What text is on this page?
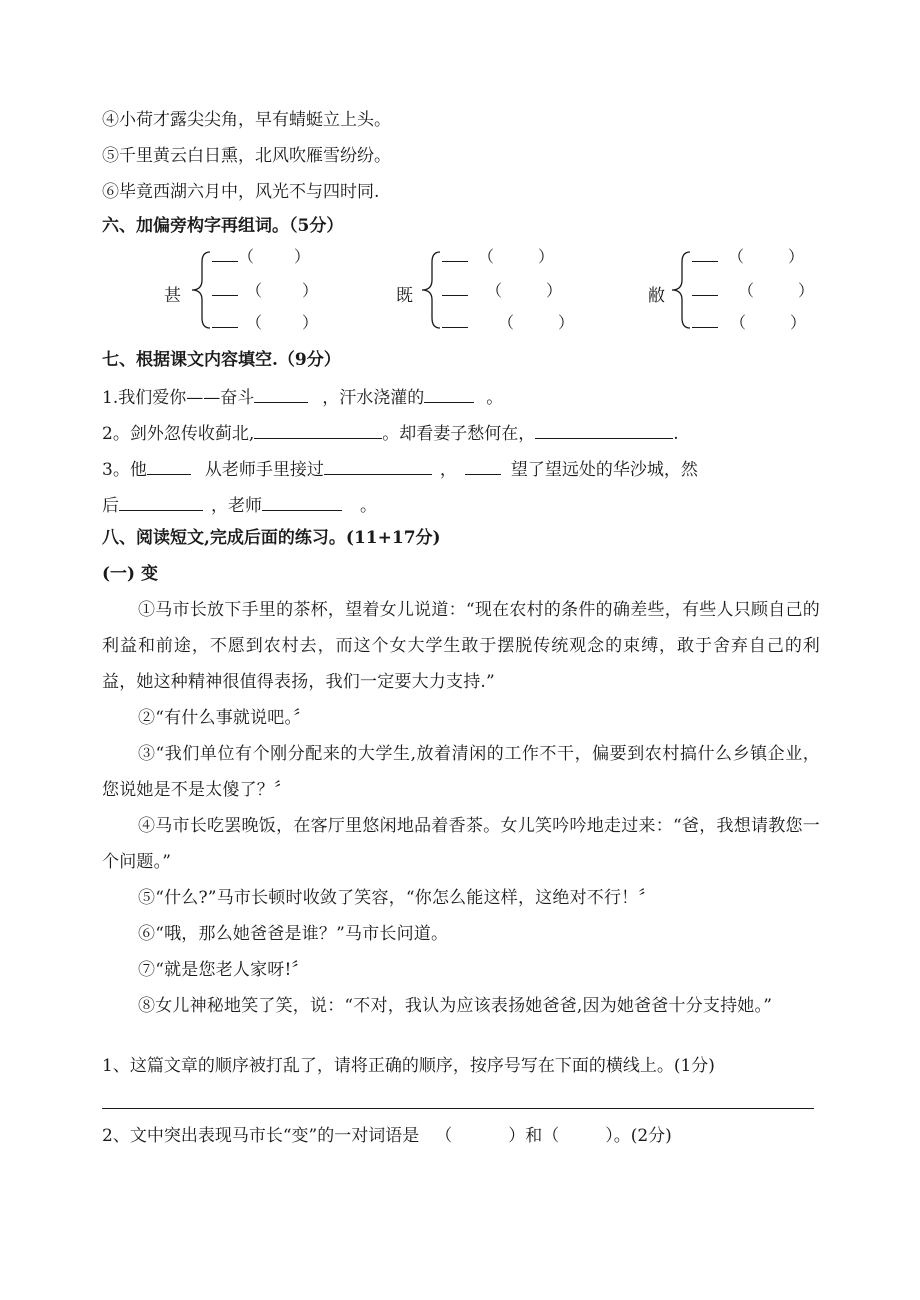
④小荷才露尖尖角，早有蜻蜓立上头。
⑤千里黄云白日熏，北风吹雁雪纷纷。
⑥毕竟西湖六月中，风光不与四时同.
六、加偏旁构字再组词。（5分）
甚
（	）
（	）
（	）
既
（	）
（	）
（	）
敝
（	）
（	）
（	）
七、根据课文内容填空.（9分）
1.我们爱你——奋斗	，汗水浇灌的	。
2。剑外忽传收蓟北,	。却看妻子愁何在，	.
3。他	从老师手里接过	，	望了望远处的华沙城，然
后	，老师	。
八、阅读短文,完成后面的练习。(11+17分)
(一) 变
①马市长放下手里的茶杯，望着女儿说道：“现在农村的条件的确差些，有些人只顾自己的利益和前途，不愿到农村去，而这个女大学生敢于摆脱传统观念的束缚，敢于舍弃自己的利益，她这种精神很值得表扬，我们一定要大力支持.”
②“有什么事就说吧。〞
③“我们单位有个刚分配来的大学生,放着清闲的工作不干，偏要到农村搞什么乡镇企业，您说她是不是太傻了？〞
④马市长吃罢晚饭，在客厅里悠闲地品着香茶。女儿笑吟吟地走过来：“爸，我想请教您一个问题。”
⑤“什么?”马市长顿时收敛了笑容，“你怎么能这样，这绝对不行！〞
⑥“哦，那么她爸爸是谁？”马市长问道。
⑦“就是您老人家呀!〞
⑧女儿神秘地笑了笑，说：“不对，我认为应该表扬她爸爸,因为她爸爸十分支持她。”
1、这篇文章的顺序被打乱了，请将正确的顺序，按序号写在下面的横线上。(1分)
2、文中突出表现马市长“变”的一对词语是 （	）和（	）。(2分)
